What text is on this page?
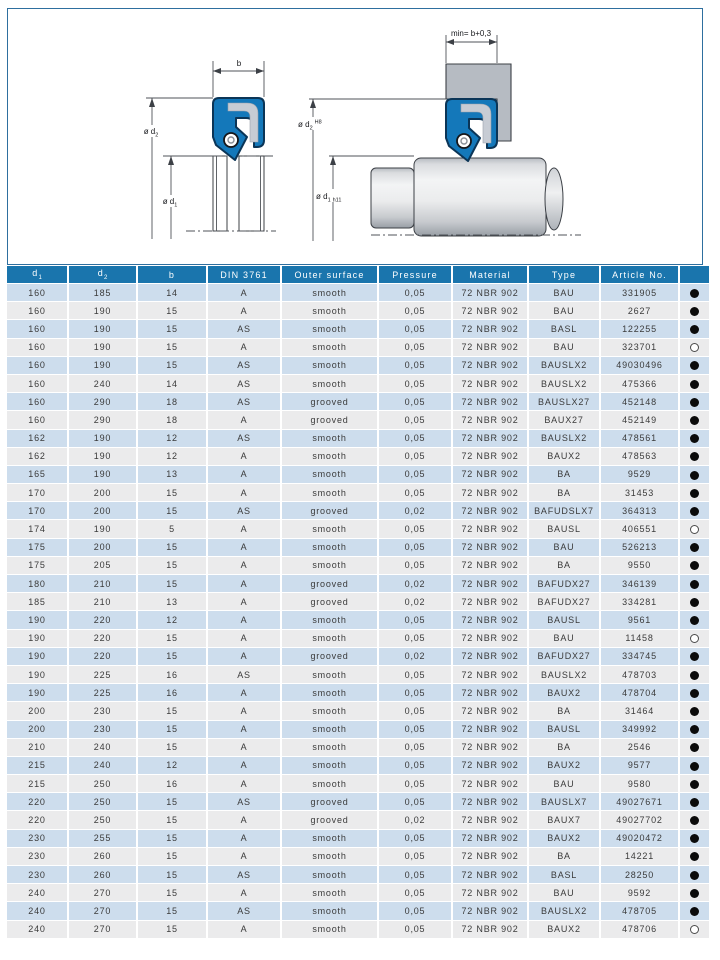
b
ø $d_2$
ø $d_1$
min= b+0,3
ø $d_2^{H8}$
ø $d_1$ h11
$d_1$	$d_2$	b	DIN 3761	Outer surface	Pressure	Material	Type	Article No.	
160	185	14	A	smooth	0,05	72 NBR 902	BAU	331905	
160	190	15	A	smooth	0,05	72 NBR 902	BAU	2627	
160	190	15	AS	smooth	0,05	72 NBR 902	BASL	122255	
160	190	15	A	smooth	0,05	72 NBR 902	BAU	323701	
160	190	15	AS	smooth	0,05	72 NBR 902	BAUSLX2	49030496	
160	240	14	AS	smooth	0,05	72 NBR 902	BAUSLX2	475366	
160	290	18	AS	grooved	0,05	72 NBR 902	BAUSLX27	452148	
160	290	18	A	grooved	0,05	72 NBR 902	BAUX27	452149	
162	190	12	AS	smooth	0,05	72 NBR 902	BAUSLX2	478561	
162	190	12	A	smooth	0,05	72 NBR 902	BAUX2	478563	
165	190	13	A	smooth	0,05	72 NBR 902	BA	9529	
170	200	15	A	smooth	0,05	72 NBR 902	BA	31453	
170	200	15	AS	grooved	0,02	72 NBR 902	BAFUDSLX7	364313	
174	190	5	A	smooth	0,05	72 NBR 902	BAUSL	406551	
175	200	15	A	smooth	0,05	72 NBR 902	BAU	526213	
175	205	15	A	smooth	0,05	72 NBR 902	BA	9550	
180	210	15	A	grooved	0,02	72 NBR 902	BAFUDX27	346139	
185	210	13	A	grooved	0,02	72 NBR 902	BAFUDX27	334281	
190	220	12	A	smooth	0,05	72 NBR 902	BAUSL	9561	
190	220	15	A	smooth	0,05	72 NBR 902	BAU	11458	
190	220	15	A	grooved	0,02	72 NBR 902	BAFUDX27	334745	
190	225	16	AS	smooth	0,05	72 NBR 902	BAUSLX2	478703	
190	225	16	A	smooth	0,05	72 NBR 902	BAUX2	478704	
200	230	15	A	smooth	0,05	72 NBR 902	BA	31464	
200	230	15	A	smooth	0,05	72 NBR 902	BAUSL	349992	
210	240	15	A	smooth	0,05	72 NBR 902	BA	2546	
215	240	12	A	smooth	0,05	72 NBR 902	BAUX2	9577	
215	250	16	A	smooth	0,05	72 NBR 902	BAU	9580	
220	250	15	AS	grooved	0,05	72 NBR 902	BAUSLX7	49027671	
220	250	15	A	grooved	0,02	72 NBR 902	BAUX7	49027702	
230	255	15	A	smooth	0,05	72 NBR 902	BAUX2	49020472	
230	260	15	A	smooth	0,05	72 NBR 902	BA	14221	
230	260	15	AS	smooth	0,05	72 NBR 902	BASL	28250	
240	270	15	A	smooth	0,05	72 NBR 902	BAU	9592	
240	270	15	AS	smooth	0,05	72 NBR 902	BAUSLX2	478705	
240	270	15	A	smooth	0,05	72 NBR 902	BAUX2	478706	
